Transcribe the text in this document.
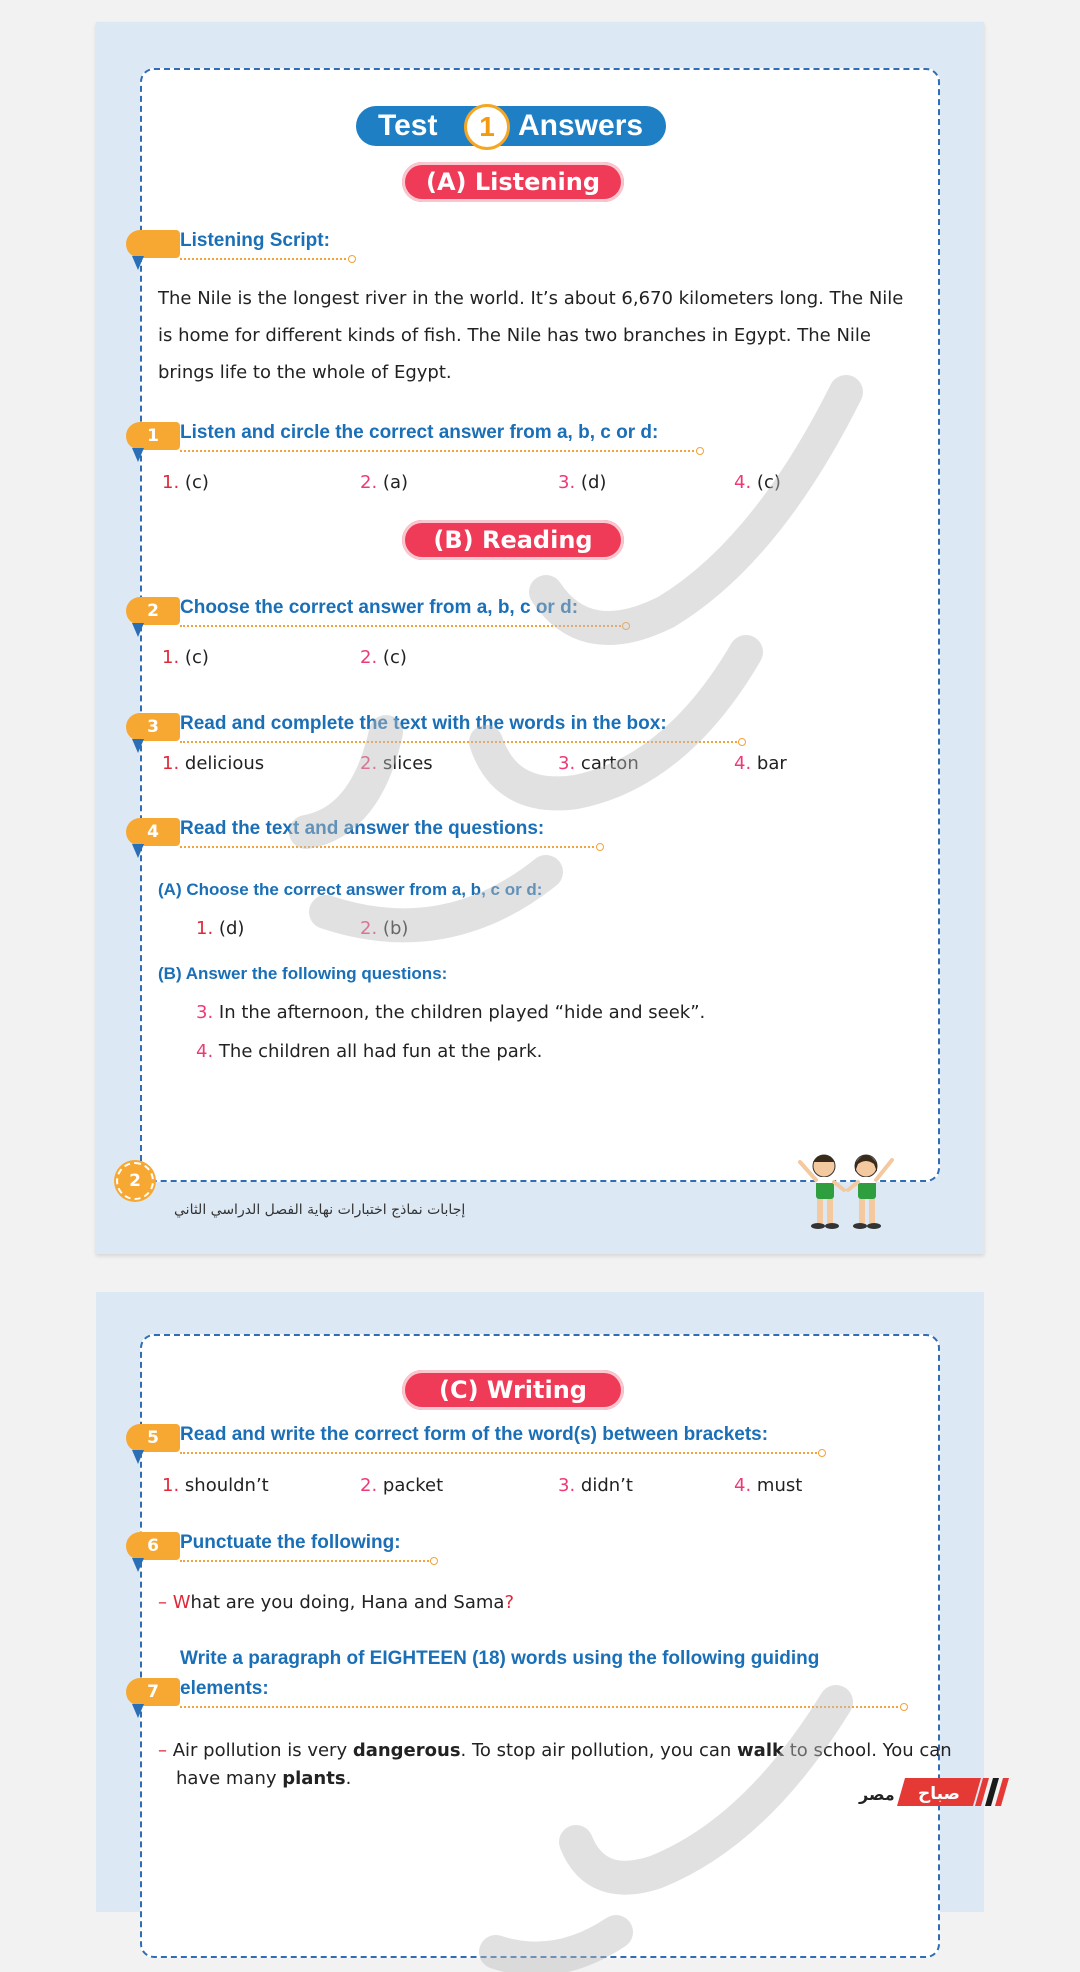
Test	1 Answers
(A) Listening
Listening Script:
The Nile is the longest river in the world. It’s about 6,670 kilometers long. The Nile is home for different kinds of fish. The Nile has two branches in Egypt. The Nile brings life to the whole of Egypt.
1	Listen and circle the correct answer from a, b, c or d:
1. (c)	2. (a)	3. (d)	4. (c)
(B) Reading
2	Choose the correct answer from a, b, c or d:
1. (c)	2. (c)
3	Read and complete the text with the words in the box:
1. delicious	2. slices	3. carton	4. bar
4	Read the text and answer the questions:
(A) Choose the correct answer from a, b, c or d:
1. (d)	2. (b)
(B) Answer the following questions:
3. In the afternoon, the children played “hide and seek”.
4. The children all had fun at the park.
2
إجابات نماذج اختبارات نهاية الفصل الدراسي الثاني
(C) Writing
5	Read and write the correct form of the word(s) between brackets:
1. shouldn’t	2. packet	3. didn’t	4. must
6	Punctuate the following:
– What are you doing, Hana and Sama?
Write a paragraph of EIGHTEEN (18) words using the following guiding
7	elements:
– Air pollution is very dangerous. To stop air pollution, you can walk to school. You can
have many plants.
مصر صباح
